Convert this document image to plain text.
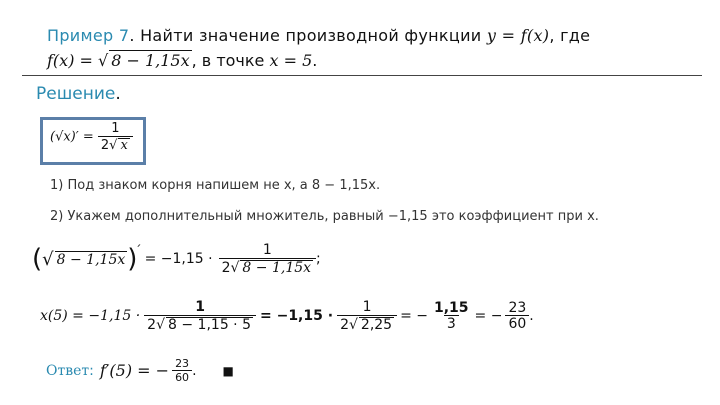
Пример 7. Найти значение производной функции y = f(x), где
f(x) = √ 8 − 1,15x , в точке x = 5.
Решение.
$(√x)' = \frac{1}{2√ x}$
1) Под знаком корня напишем не x, а 8 − 1,15x.
2) Укажем дополнительный множитель, равный −1,15 это коэффициент при x.
( √ 8 − 1,15x ) ′
= $-1,15 \cdot \frac{1}{2√ 8 - 1,15x}$ ;
$x(5) = -1,15 \cdot \frac{1}{2√ 8 - 1,15 \cdot 5} = -1,15 \cdot \frac{1}{2√ 2,25}$ = − $\frac{1,15}{3}$ = − $\frac{23}{60}$ .
Ответ : f′(5) = − $\frac{23}{60}$ . ■
